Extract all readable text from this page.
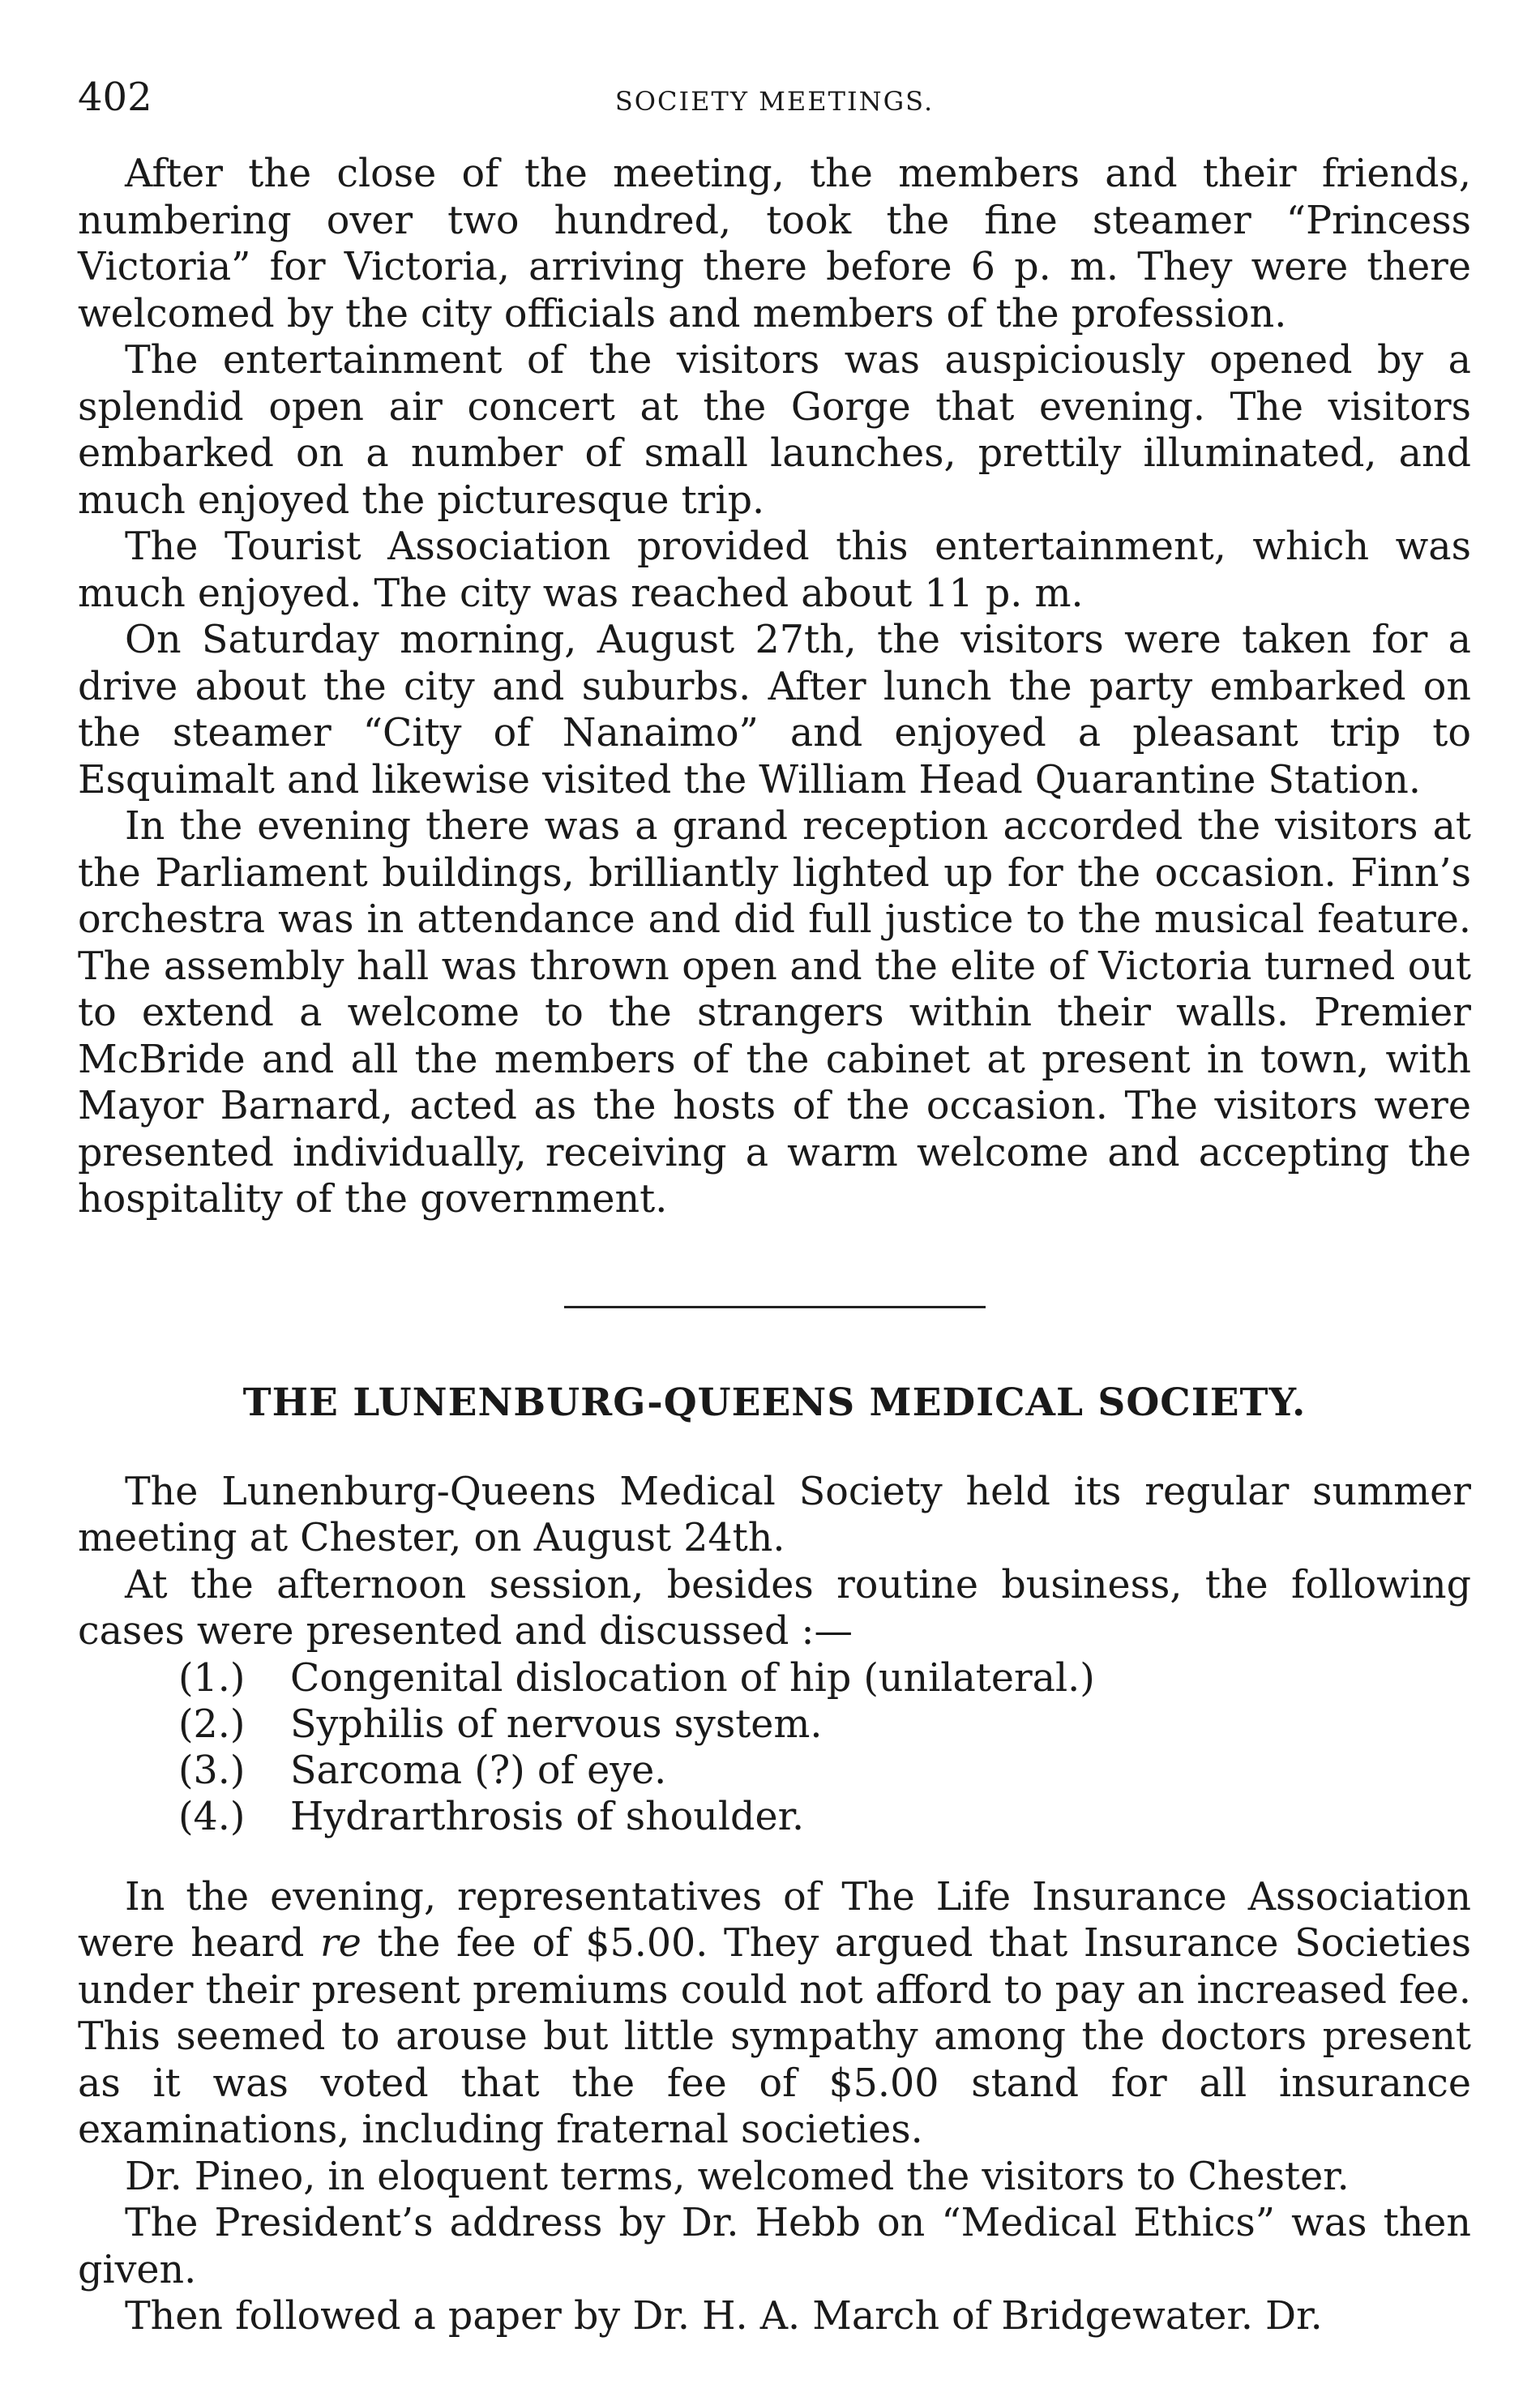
402	SOCIETY MEETINGS.

After the close of the meeting, the members and their friends, numbering over two hundred, took the fine steamer “Princess Victoria” for Victoria, arriving there before 6 p. m. They were there welcomed by the city officials and members of the profession.

The entertainment of the visitors was auspiciously opened by a splendid open air concert at the Gorge that evening. The visitors embarked on a number of small launches, prettily illuminated, and much enjoyed the picturesque trip.

The Tourist Association provided this entertainment, which was much enjoyed. The city was reached about 11 p. m.

On Saturday morning, August 27th, the visitors were taken for a drive about the city and suburbs. After lunch the party embarked on the steamer “City of Nanaimo” and enjoyed a pleasant trip to Esquimalt and likewise visited the William Head Quarantine Station.

In the evening there was a grand reception accorded the visitors at the Parliament buildings, brilliantly lighted up for the occasion. Finn’s orchestra was in attendance and did full justice to the musical feature. The assembly hall was thrown open and the elite of Victoria turned out to extend a welcome to the strangers within their walls. Premier McBride and all the members of the cabinet at present in town, with Mayor Barnard, acted as the hosts of the occasion. The visitors were presented individually, receiving a warm welcome and accepting the hospitality of the government.

THE LUNENBURG-QUEENS MEDICAL SOCIETY.

The Lunenburg-Queens Medical Society held its regular summer meeting at Chester, on August 24th.

At the afternoon session, besides routine business, the following cases were presented and discussed :—

(1.)	Congenital dislocation of hip (unilateral.)
(2.)	Syphilis of nervous system.
(3.)	Sarcoma (?) of eye.
(4.)	Hydrarthrosis of shoulder.

In the evening, representatives of The Life Insurance Association were heard re the fee of $5.00. They argued that Insurance Societies under their present premiums could not afford to pay an increased fee. This seemed to arouse but little sympathy among the doctors present as it was voted that the fee of $5.00 stand for all insurance examinations, including fraternal societies.

Dr. Pineo, in eloquent terms, welcomed the visitors to Chester.

The President’s address by Dr. Hebb on “Medical Ethics” was then given.

Then followed a paper by Dr. H. A. March of Bridgewater. Dr.
